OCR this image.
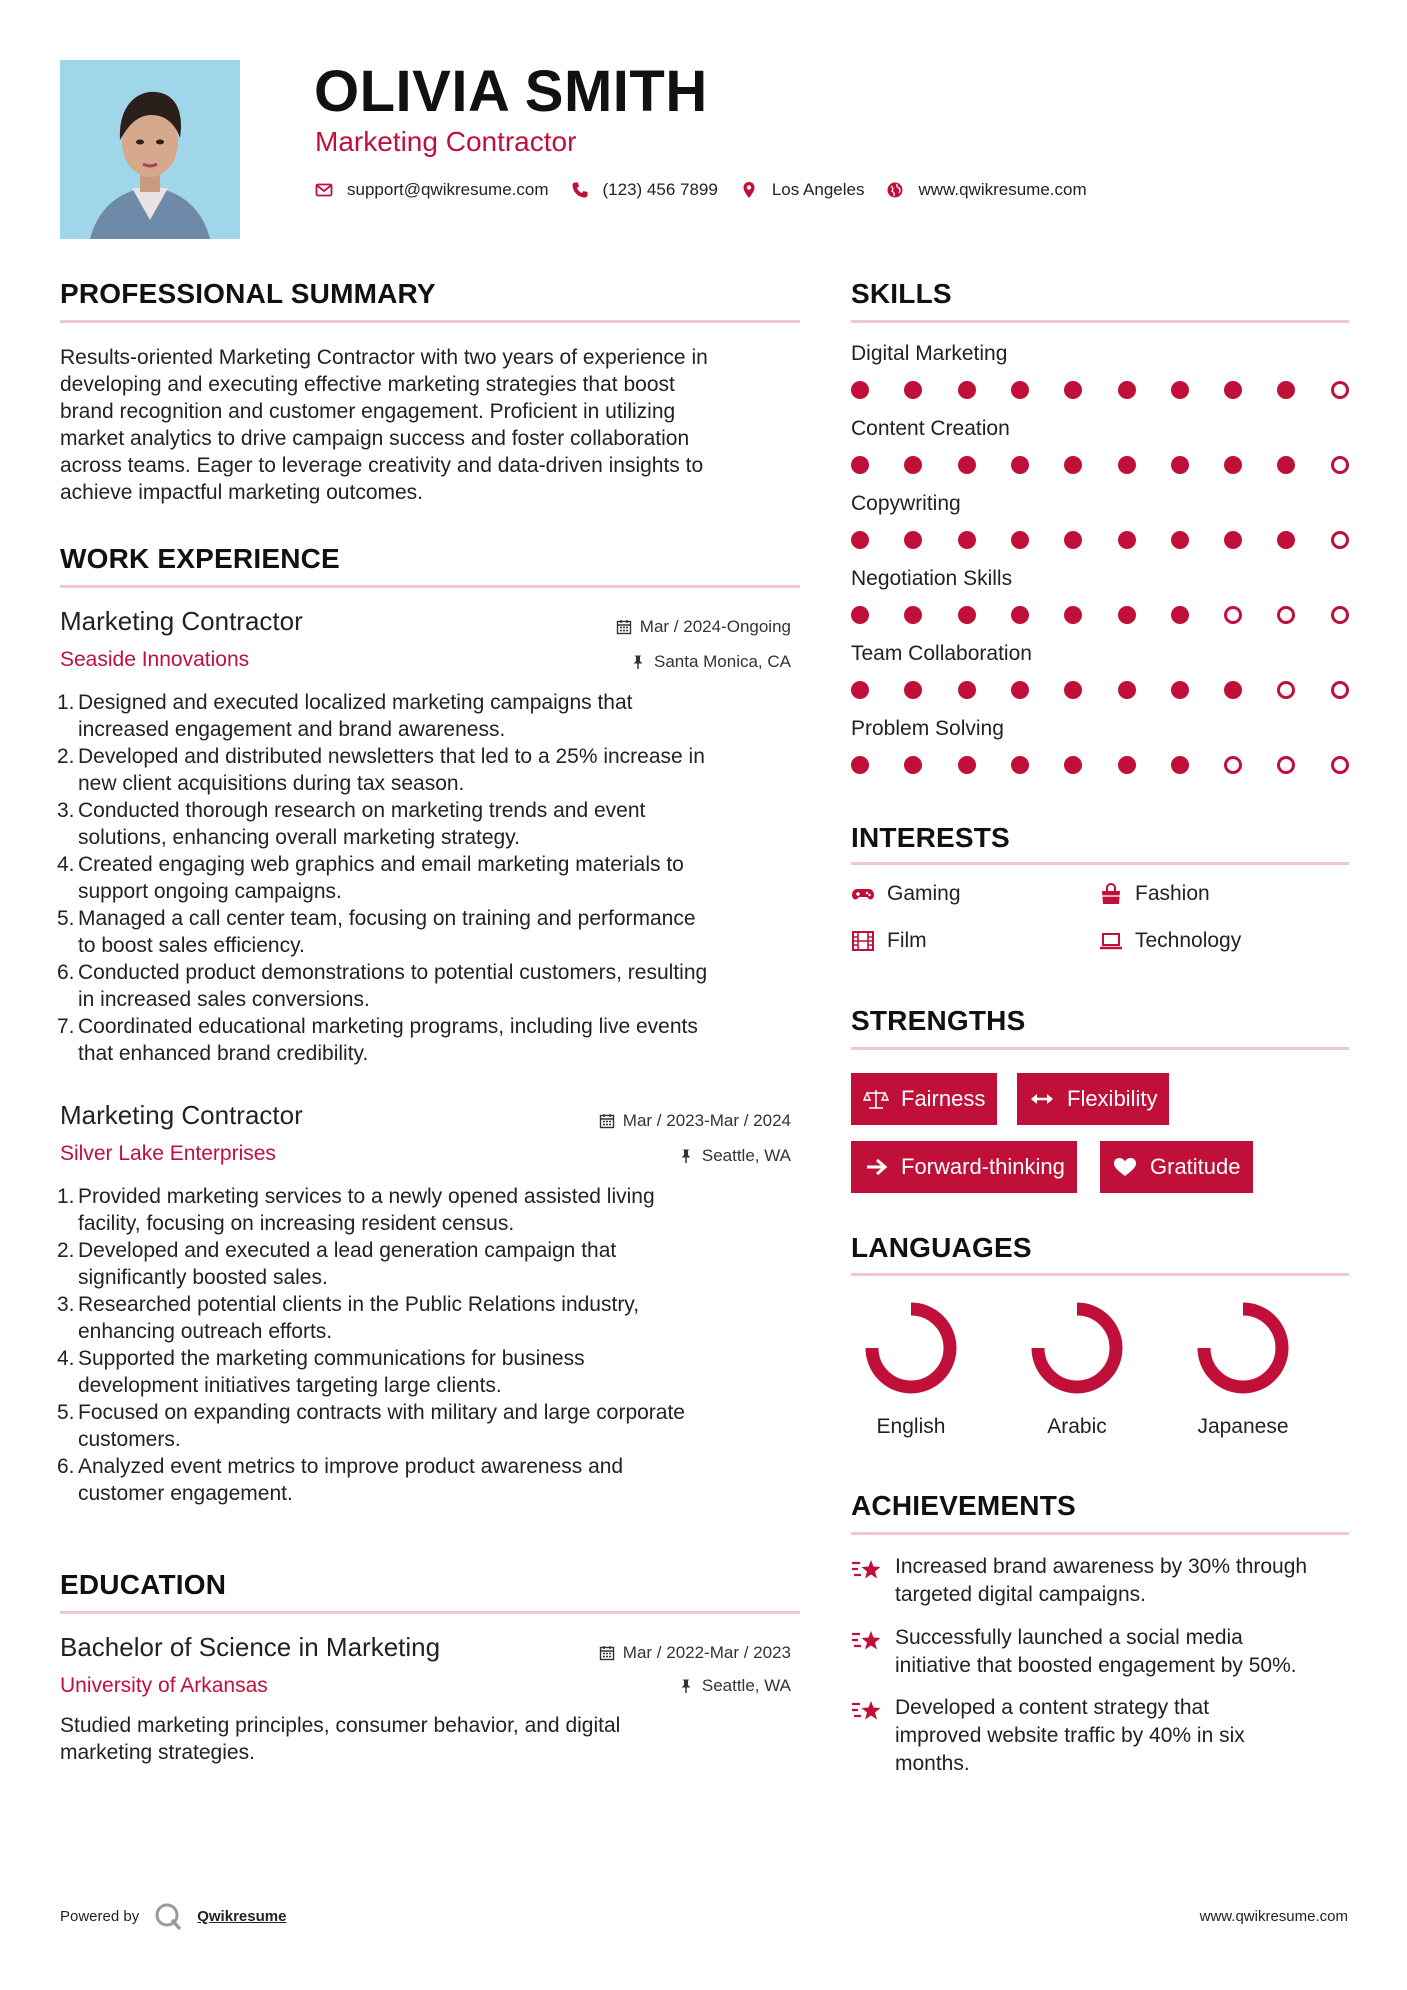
OLIVIA SMITH
Marketing Contractor
support@qwikresume.com	(123) 456 7899	Los Angeles	www.qwikresume.com
PROFESSIONAL SUMMARY
Results-oriented Marketing Contractor with two years of experience in
developing and executing effective marketing strategies that boost
brand recognition and customer engagement. Proficient in utilizing
market analytics to drive campaign success and foster collaboration
across teams. Eager to leverage creativity and data-driven insights to
achieve impactful marketing outcomes.
WORK EXPERIENCE
Marketing Contractor	Mar / 2024-Ongoing
Seaside Innovations	Santa Monica, CA
1. Designed and executed localized marketing campaigns that
increased engagement and brand awareness.
2. Developed and distributed newsletters that led to a 25% increase in
new client acquisitions during tax season.
3. Conducted thorough research on marketing trends and event
solutions, enhancing overall marketing strategy.
4. Created engaging web graphics and email marketing materials to
support ongoing campaigns.
5. Managed a call center team, focusing on training and performance
to boost sales efficiency.
6. Conducted product demonstrations to potential customers, resulting
in increased sales conversions.
7. Coordinated educational marketing programs, including live events
that enhanced brand credibility.
Marketing Contractor	Mar / 2023-Mar / 2024
Silver Lake Enterprises	Seattle, WA
1. Provided marketing services to a newly opened assisted living
facility, focusing on increasing resident census.
2. Developed and executed a lead generation campaign that
significantly boosted sales.
3. Researched potential clients in the Public Relations industry,
enhancing outreach efforts.
4. Supported the marketing communications for business
development initiatives targeting large clients.
5. Focused on expanding contracts with military and large corporate
customers.
6. Analyzed event metrics to improve product awareness and
customer engagement.
EDUCATION
Bachelor of Science in Marketing	Mar / 2022-Mar / 2023
University of Arkansas	Seattle, WA
Studied marketing principles, consumer behavior, and digital
marketing strategies.
SKILLS
Digital Marketing
Content Creation
Copywriting
Negotiation Skills
Team Collaboration
Problem Solving
INTERESTS
Gaming	Fashion
Film	Technology
STRENGTHS
Fairness	Flexibility
Forward-thinking	Gratitude
LANGUAGES
English	Arabic	Japanese
ACHIEVEMENTS
Increased brand awareness by 30% through
targeted digital campaigns.
Successfully launched a social media
initiative that boosted engagement by 50%.
Developed a content strategy that
improved website traffic by 40% in six
months.
Powered by	Qwikresume	www.qwikresume.com
